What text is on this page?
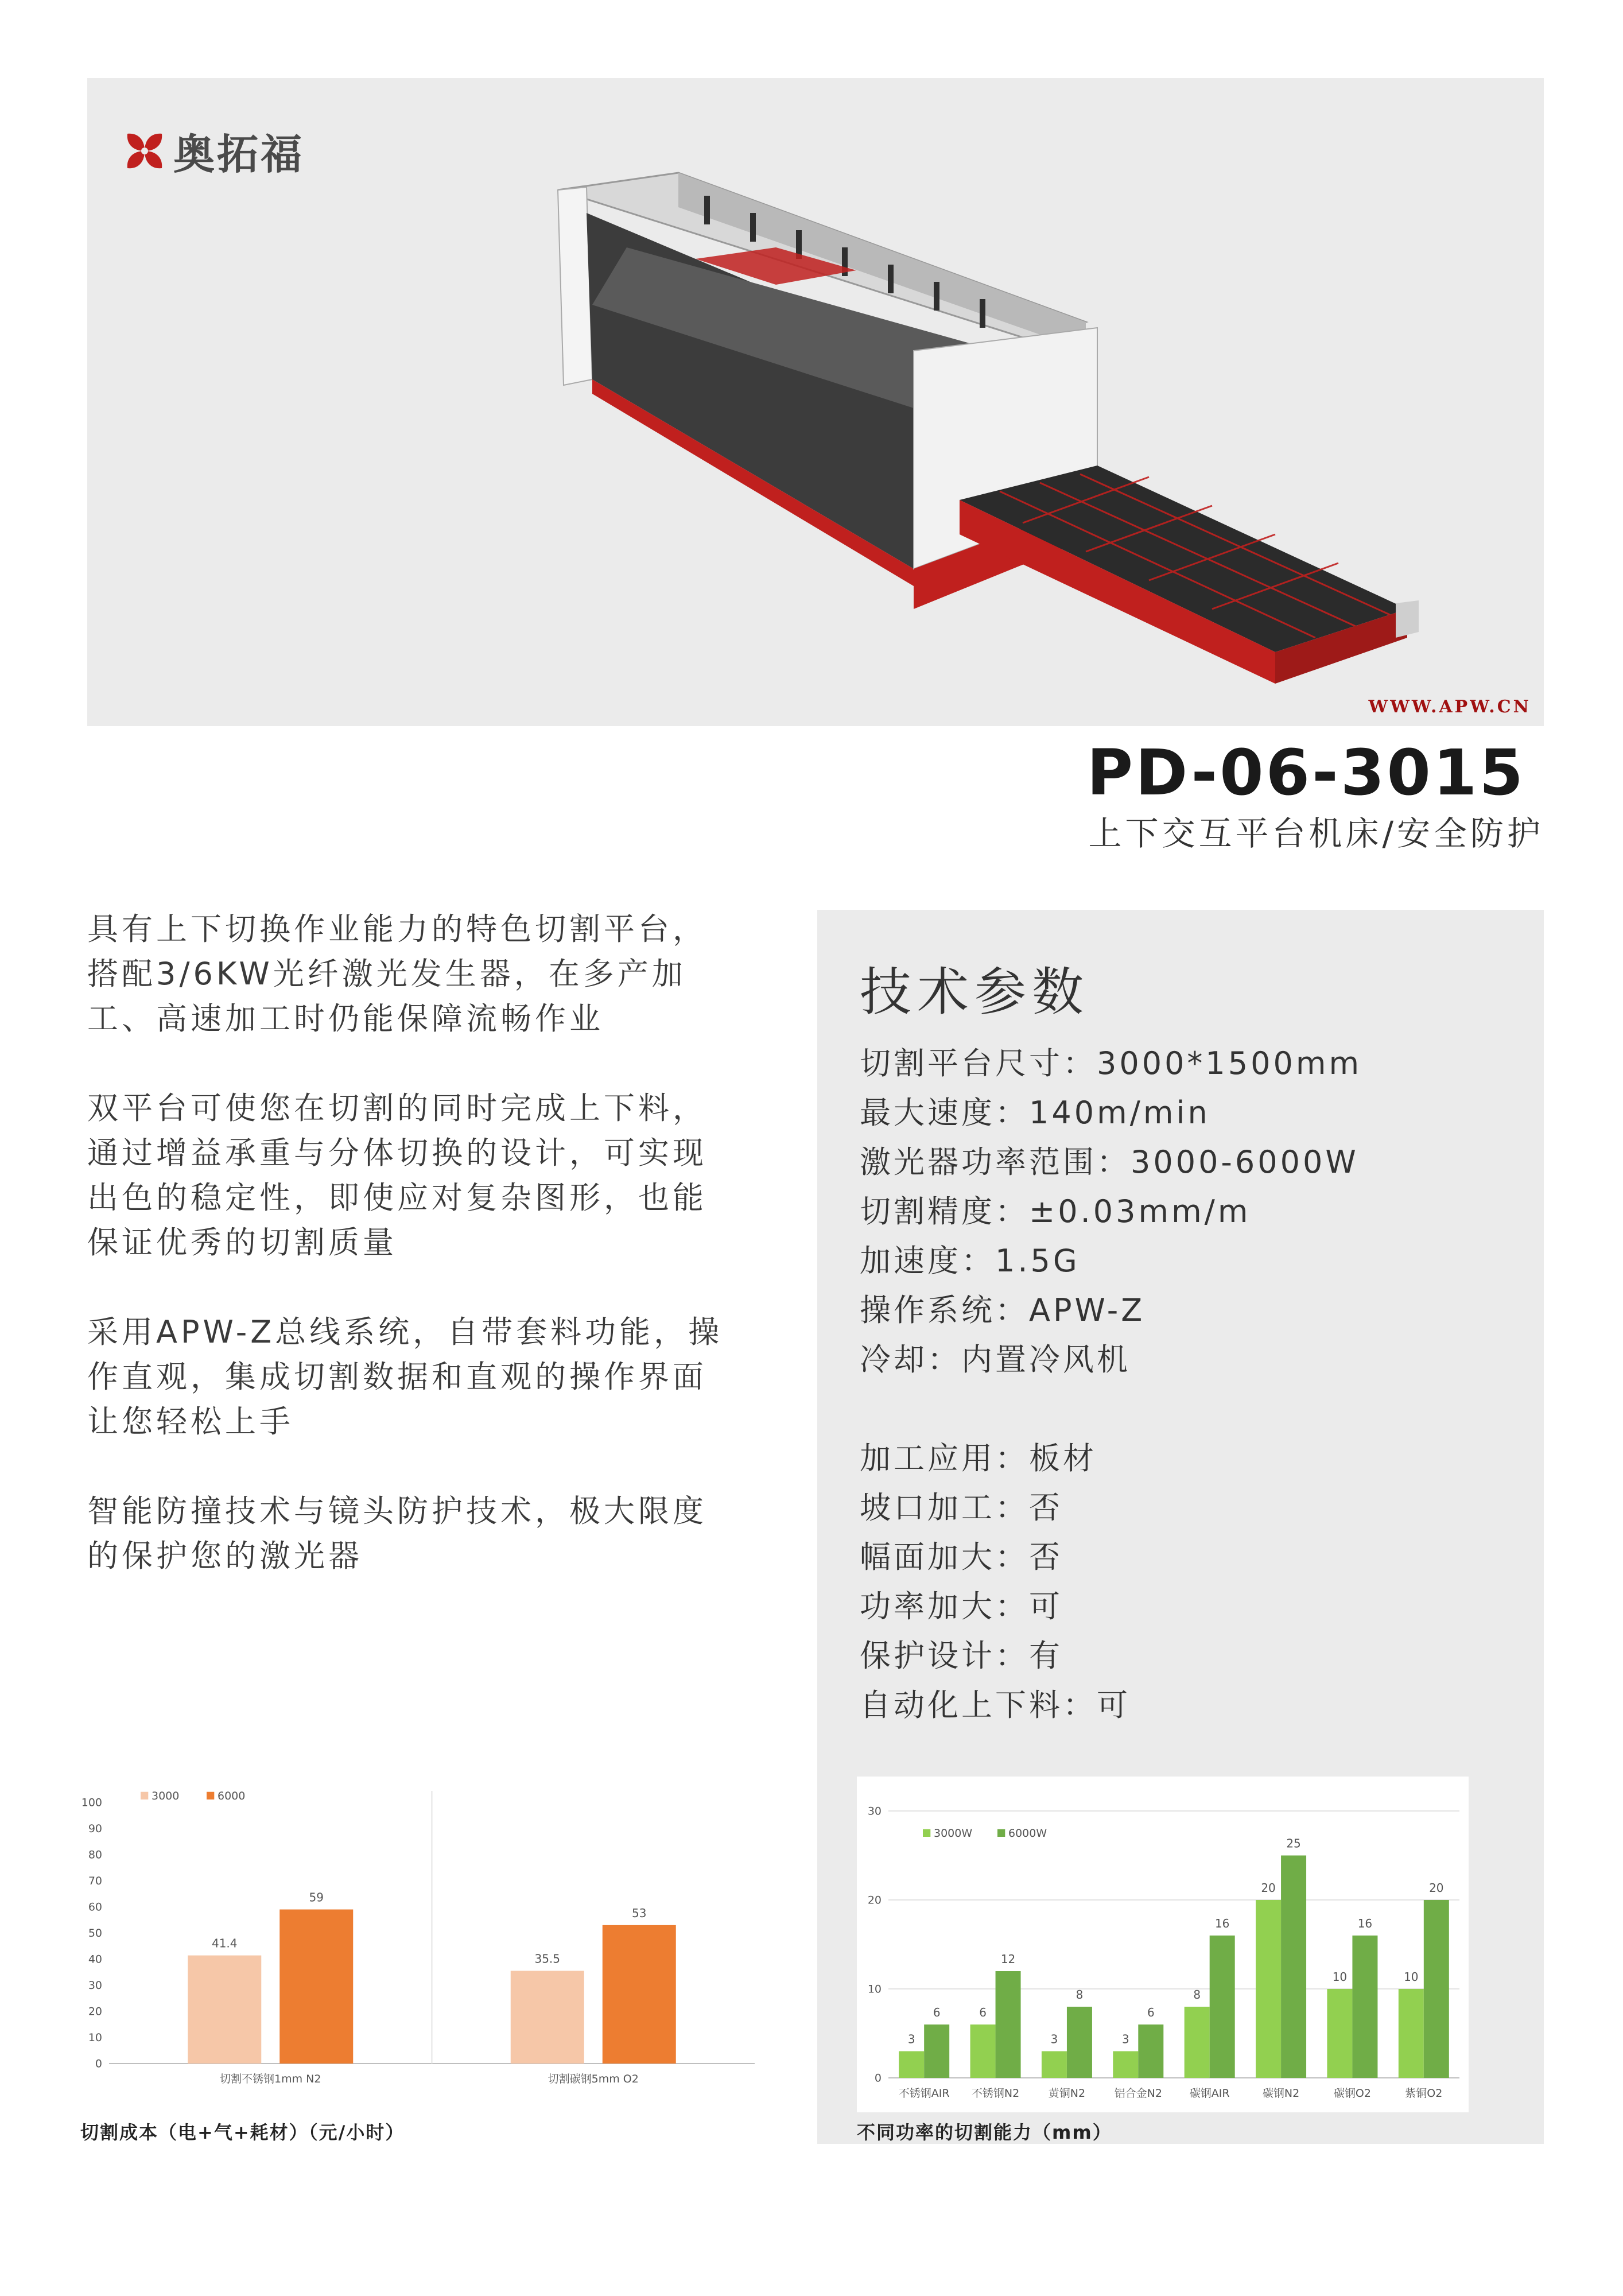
奥拓福
WWW.APW.CN
PD-06-3015
上下交互平台机床/安全防护

具有上下切换作业能力的特色切割平台，搭配3/6KW光纤激光发生器，在多产加工、高速加工时仍能保障流畅作业

双平台可使您在切割的同时完成上下料，通过增益承重与分体切换的设计，可实现出色的稳定性，即使应对复杂图形，也能保证优秀的切割质量

采用APW-Z总线系统，自带套料功能，操作直观，集成切割数据和直观的操作界面让您轻松上手

智能防撞技术与镜头防护技术，极大限度的保护您的激光器

技术参数
切割平台尺寸：3000*1500mm
最大速度：140m/min
激光器功率范围：3000-6000W
切割精度：±0.03mm/m
加速度：1.5G
操作系统：APW-Z
冷却：内置冷风机
加工应用：板材
坡口加工：否
幅面加大：否
功率加大：可
保护设计：有
自动化上下料：可
0
10
20
30
40
50
60
70
80
90
100
41.4
59
切割不锈钢1mm N2
35.5
53
切割碳钢5mm O2
3000	6000
切割成本（电+气+耗材）（元/小时）
0
10
20
30
3
6
不锈钢AIR
6
12
不锈钢N2
3
8
黄铜N2
3
6
铝合金N2
8
16
碳钢AIR
20
25
碳钢N2
10
16
碳钢O2
10
20
紫铜O2
3000W	6000W
不同功率的切割能力（mm）
